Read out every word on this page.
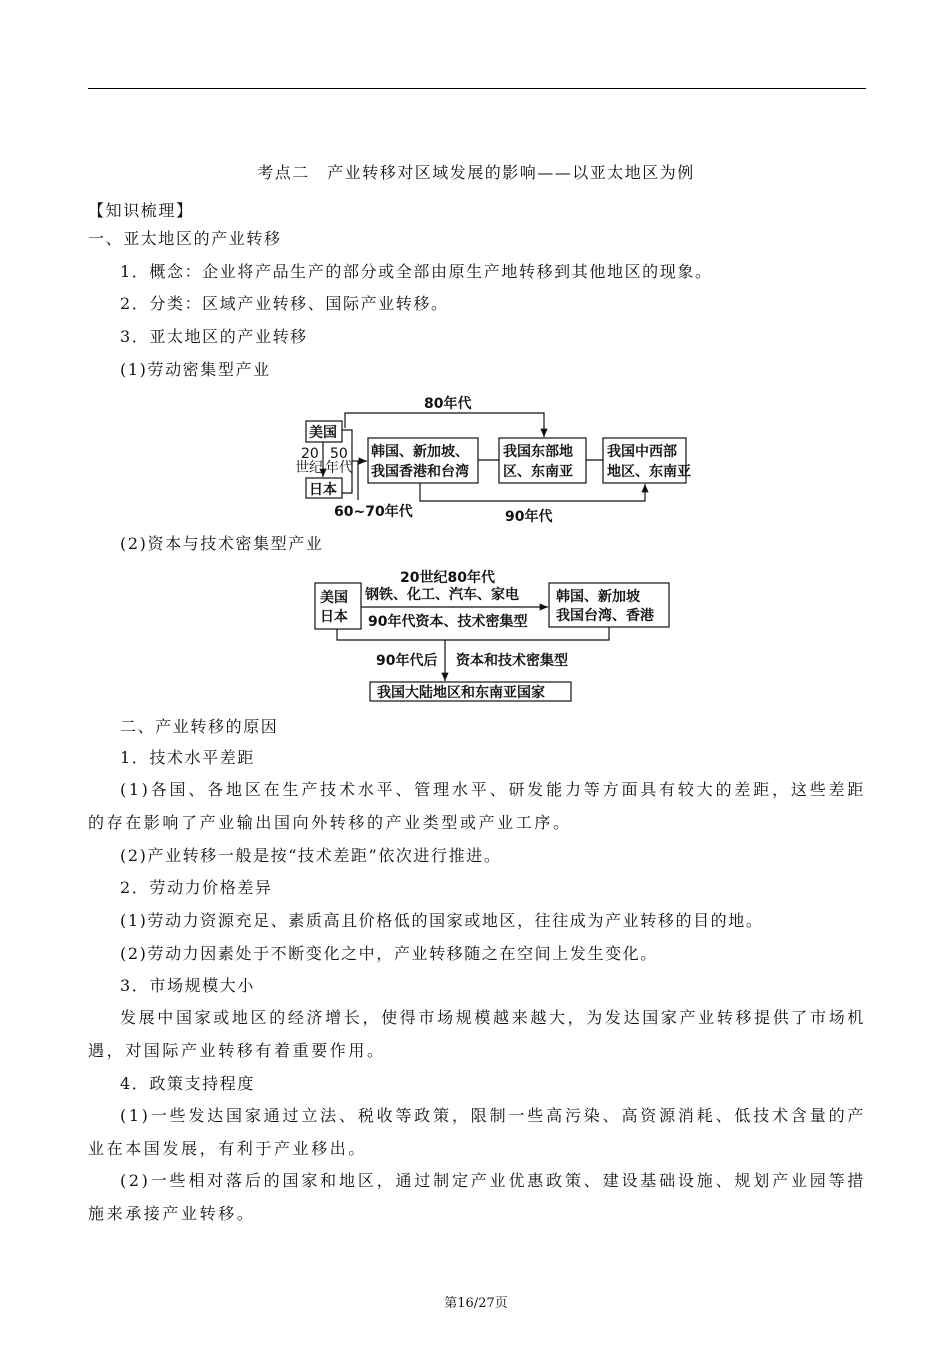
考点二　产业转移对区域发展的影响——以亚太地区为例
【知识梳理】
一、亚太地区的产业转移
1．概念：企业将产品生产的部分或全部由原生产地转移到其他地区的现象。
2．分类：区域产业转移、国际产业转移。
3．亚太地区的产业转移
(1)劳动密集型产业
美国
日本
20
世纪
50
年代
韩国、新加坡、
我国香港和台湾
我国东部地
区、东南亚
我国中西部
地区、东南亚
80年代
60~70年代	90年代
美国
日本
20世纪80年代
钢铁、化工、汽车、家电
90年代资本、技术密集型
韩国、新加坡
我国台湾、香港
90年代后 资本和技术密集型
我国大陆地区和东南亚国家
(2)资本与技术密集型产业
二、产业转移的原因
1．技术水平差距
(1)各国、各地区在生产技术水平、管理水平、研发能力等方面具有较大的差距，这些差距的存在影响了产业输出国向外转移的产业类型或产业工序。
(2)产业转移一般是按“技术差距”依次进行推进。
2．劳动力价格差异
(1)劳动力资源充足、素质高且价格低的国家或地区，往往成为产业转移的目的地。
(2)劳动力因素处于不断变化之中，产业转移随之在空间上发生变化。
3．市场规模大小
发展中国家或地区的经济增长，使得市场规模越来越大，为发达国家产业转移提供了市场机遇，对国际产业转移有着重要作用。
4．政策支持程度
(1)一些发达国家通过立法、税收等政策，限制一些高污染、高资源消耗、低技术含量的产业在本国发展，有利于产业移出。
(2)一些相对落后的国家和地区，通过制定产业优惠政策、建设基础设施、规划产业园等措施来承接产业转移。
第16/27页
